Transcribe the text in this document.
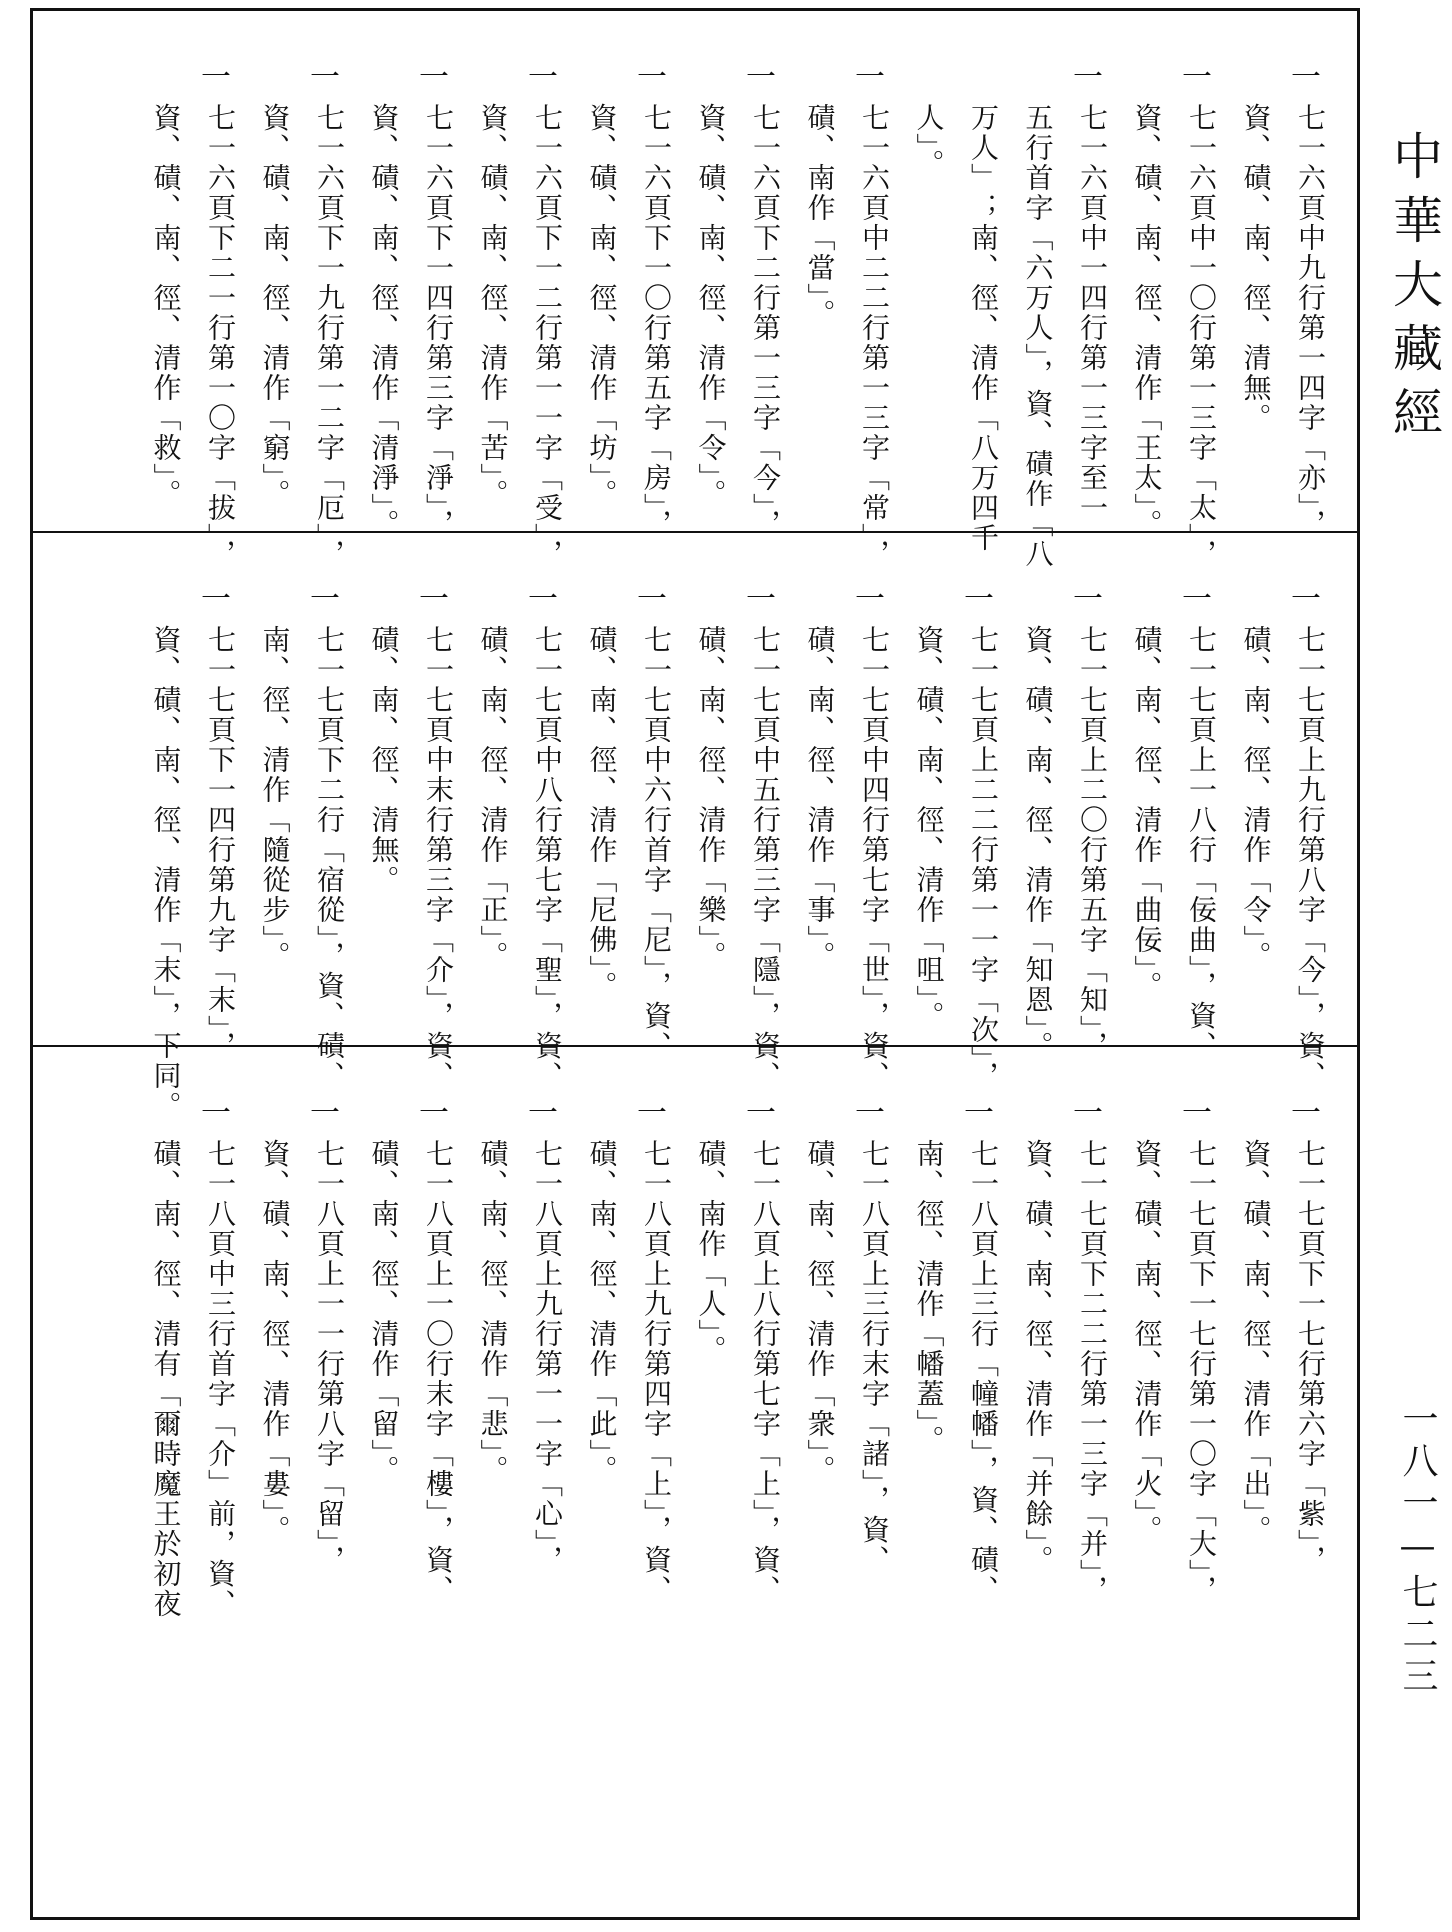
一
七一六頁中九行第一四字「亦」，
資、磧、南、徑、清無。
一
七一六頁中一〇行第一三字「太」，
資、磧、南、徑、清作「王太」。
一
七一六頁中一四行第一三字至一
五行首字「六万人」，資、磧作「八
万人」；南、徑、清作「八万四千
人」。
一
七一六頁中二二行第一三字「常」，
磧、南作「當」。
一
七一六頁下二行第一三字「今」，
資、磧、南、徑、清作「令」。
一
七一六頁下一〇行第五字「房」，
資、磧、南、徑、清作「坊」。
一
七一六頁下一二行第一一字「受」，
資、磧、南、徑、清作「苦」。
一
七一六頁下一四行第三字「淨」，
資、磧、南、徑、清作「清淨」。
一
七一六頁下一九行第一二字「厄」，
資、磧、南、徑、清作「窮」。
一
七一六頁下二一行第一〇字「拔」，
資、磧、南、徑、清作「救」。
一
七一七頁上九行第八字「今」，資、
磧、南、徑、清作「令」。
一
七一七頁上一八行「佞曲」，資、
磧、南、徑、清作「曲佞」。
一
七一七頁上二〇行第五字「知」，
資、磧、南、徑、清作「知恩」。
一
七一七頁上二二行第一一字「次」，
資、磧、南、徑、清作「咀」。
一
七一七頁中四行第七字「世」，資、
磧、南、徑、清作「事」。
一
七一七頁中五行第三字「隱」，資、
磧、南、徑、清作「樂」。
一
七一七頁中六行首字「尼」，資、
磧、南、徑、清作「尼佛」。
一
七一七頁中八行第七字「聖」，資、
磧、南、徑、清作「正」。
一
七一七頁中末行第三字「介」，資、
磧、南、徑、清無。
一
七一七頁下二行「宿從」，資、磧、
南、徑、清作「隨從步」。
一
七一七頁下一四行第九字「末」，
資、磧、南、徑、清作「末」，下同。	一
七一七頁下一七行第六字「紫」，
資、磧、南、徑、清作「出」。
一
七一七頁下一七行第一〇字「大」，
資、磧、南、徑、清作「火」。
一
七一七頁下二二行第一三字「并」，
資、磧、南、徑、清作「并餘」。
一
七一八頁上三行「幢幡」，資、磧、
南、徑、清作「幡蓋」。
一
七一八頁上三行末字「諸」，資、
磧、南、徑、清作「衆」。
一
七一八頁上八行第七字「上」，資、
磧、南作「人」。
一
七一八頁上九行第四字「上」，資、
磧、南、徑、清作「此」。
一
七一八頁上九行第一一字「心」，
磧、南、徑、清作「悲」。
一
七一八頁上一〇行末字「樓」，資、
磧、南、徑、清作「留」。
一
七一八頁上一一行第八字「留」，
資、磧、南、徑、清作「婁」。
一
七一八頁中三行首字「介」前，資、
磧、南、徑、清有「爾時魔王於初夜
中華大藏經
一八一—七二三
